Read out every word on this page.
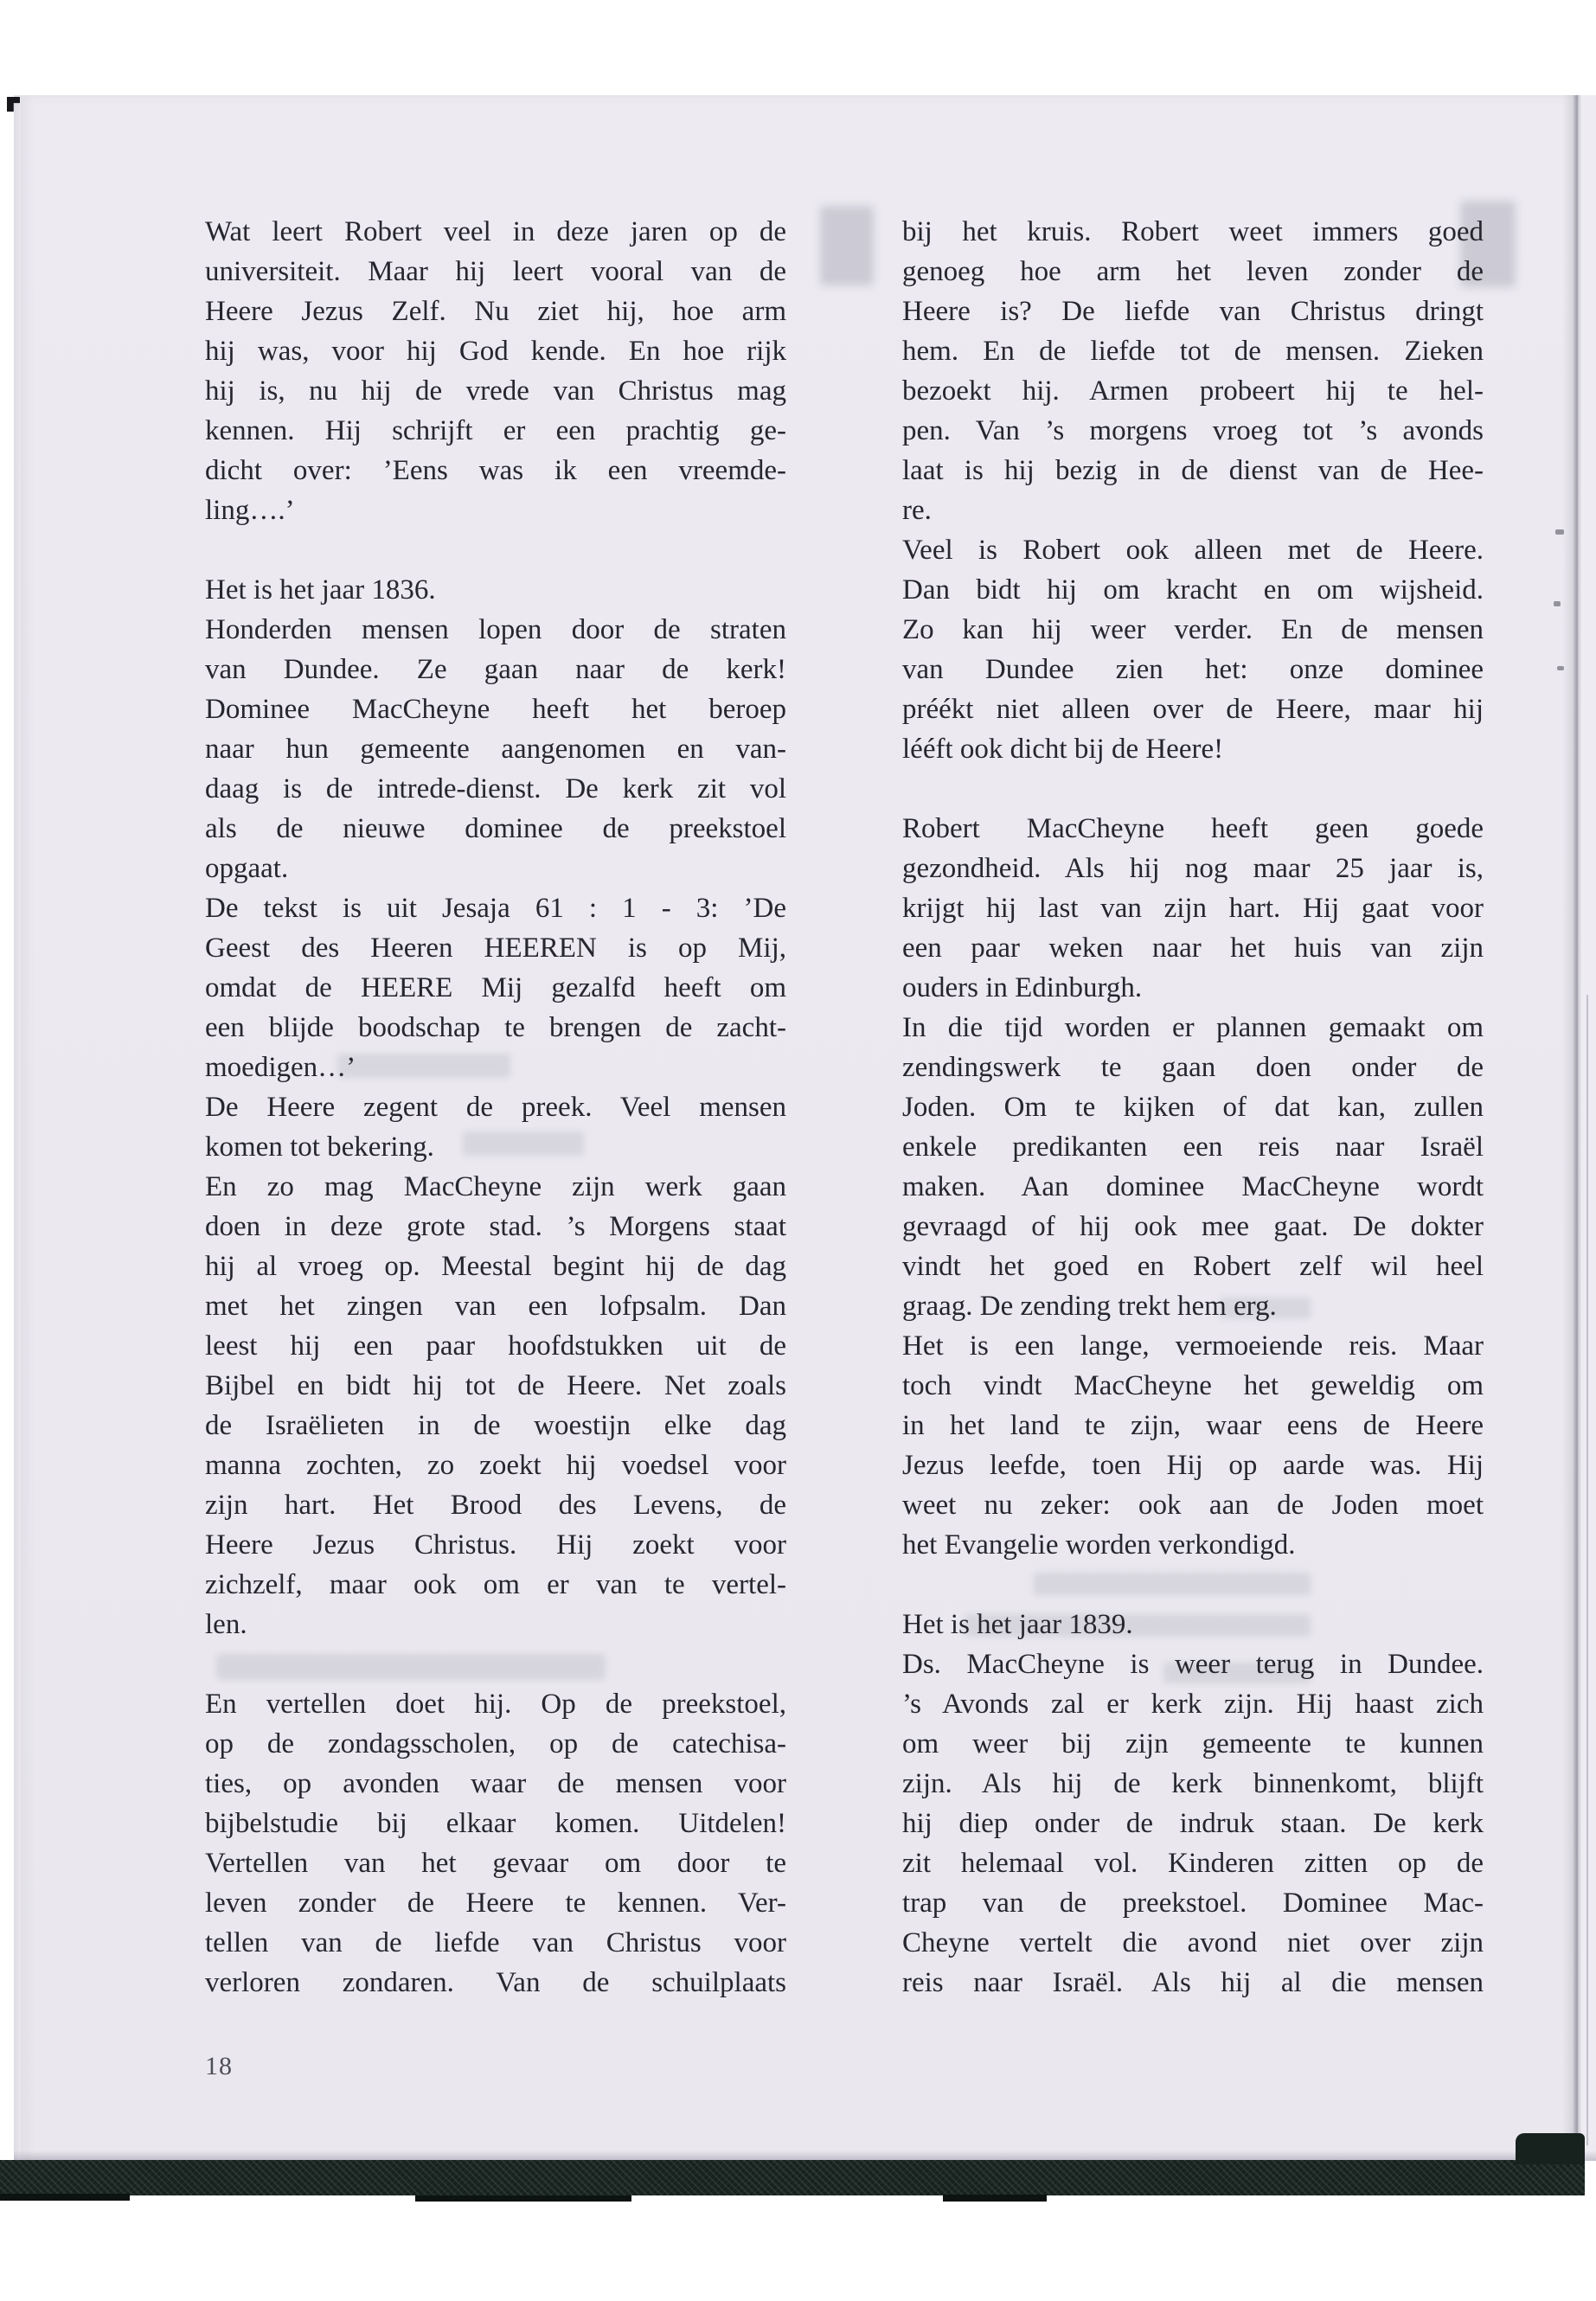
Wat leert Robert veel in deze jaren op de
universiteit. Maar hij leert vooral van de
Heere Jezus Zelf. Nu ziet hij, hoe arm
hij was, voor hij God kende. En hoe rijk
hij is, nu hij de vrede van Christus mag
kennen. Hij schrijft er een prachtig ge-
dicht over: ’Eens was ik een vreemde-
ling….’

Het is het jaar 1836.
Honderden mensen lopen door de straten
van Dundee. Ze gaan naar de kerk!
Dominee MacCheyne heeft het beroep
naar hun gemeente aangenomen en van-
daag is de intrede-dienst. De kerk zit vol
als de nieuwe dominee de preekstoel
opgaat.
De tekst is uit Jesaja 61 : 1 - 3: ’De
Geest des Heeren HEEREN is op Mij,
omdat de HEERE Mij gezalfd heeft om
een blijde boodschap te brengen de zacht-
moedigen…’
De Heere zegent de preek. Veel mensen
komen tot bekering.
En zo mag MacCheyne zijn werk gaan
doen in deze grote stad. ’s Morgens staat
hij al vroeg op. Meestal begint hij de dag
met het zingen van een lofpsalm. Dan
leest hij een paar hoofdstukken uit de
Bijbel en bidt hij tot de Heere. Net zoals
de Israëlieten in de woestijn elke dag
manna zochten, zo zoekt hij voedsel voor
zijn hart. Het Brood des Levens, de
Heere Jezus Christus. Hij zoekt voor
zichzelf, maar ook om er van te vertel-
len.

En vertellen doet hij. Op de preekstoel,
op de zondagsscholen, op de catechisa-
ties, op avonden waar de mensen voor
bijbelstudie bij elkaar komen. Uitdelen!
Vertellen van het gevaar om door te
leven zonder de Heere te kennen. Ver-
tellen van de liefde van Christus voor
verloren zondaren. Van de schuilplaats
bij het kruis. Robert weet immers goed
genoeg hoe arm het leven zonder de
Heere is? De liefde van Christus dringt
hem. En de liefde tot de mensen. Zieken
bezoekt hij. Armen probeert hij te hel-
pen. Van ’s morgens vroeg tot ’s avonds
laat is hij bezig in de dienst van de Hee-
re.
Veel is Robert ook alleen met de Heere.
Dan bidt hij om kracht en om wijsheid.
Zo kan hij weer verder. En de mensen
van Dundee zien het: onze dominee
préékt niet alleen over de Heere, maar hij
lééft ook dicht bij de Heere!

Robert MacCheyne heeft geen goede
gezondheid. Als hij nog maar 25 jaar is,
krijgt hij last van zijn hart. Hij gaat voor
een paar weken naar het huis van zijn
ouders in Edinburgh.
In die tijd worden er plannen gemaakt om
zendingswerk te gaan doen onder de
Joden. Om te kijken of dat kan, zullen
enkele predikanten een reis naar Israël
maken. Aan dominee MacCheyne wordt
gevraagd of hij ook mee gaat. De dokter
vindt het goed en Robert zelf wil heel
graag. De zending trekt hem erg.
Het is een lange, vermoeiende reis. Maar
toch vindt MacCheyne het geweldig om
in het land te zijn, waar eens de Heere
Jezus leefde, toen Hij op aarde was. Hij
weet nu zeker: ook aan de Joden moet
het Evangelie worden verkondigd.

Het is het jaar 1839.
Ds. MacCheyne is weer terug in Dundee.
’s Avonds zal er kerk zijn. Hij haast zich
om weer bij zijn gemeente te kunnen
zijn. Als hij de kerk binnenkomt, blijft
hij diep onder de indruk staan. De kerk
zit helemaal vol. Kinderen zitten op de
trap van de preekstoel. Dominee Mac-
Cheyne vertelt die avond niet over zijn
reis naar Israël. Als hij al die mensen
18
